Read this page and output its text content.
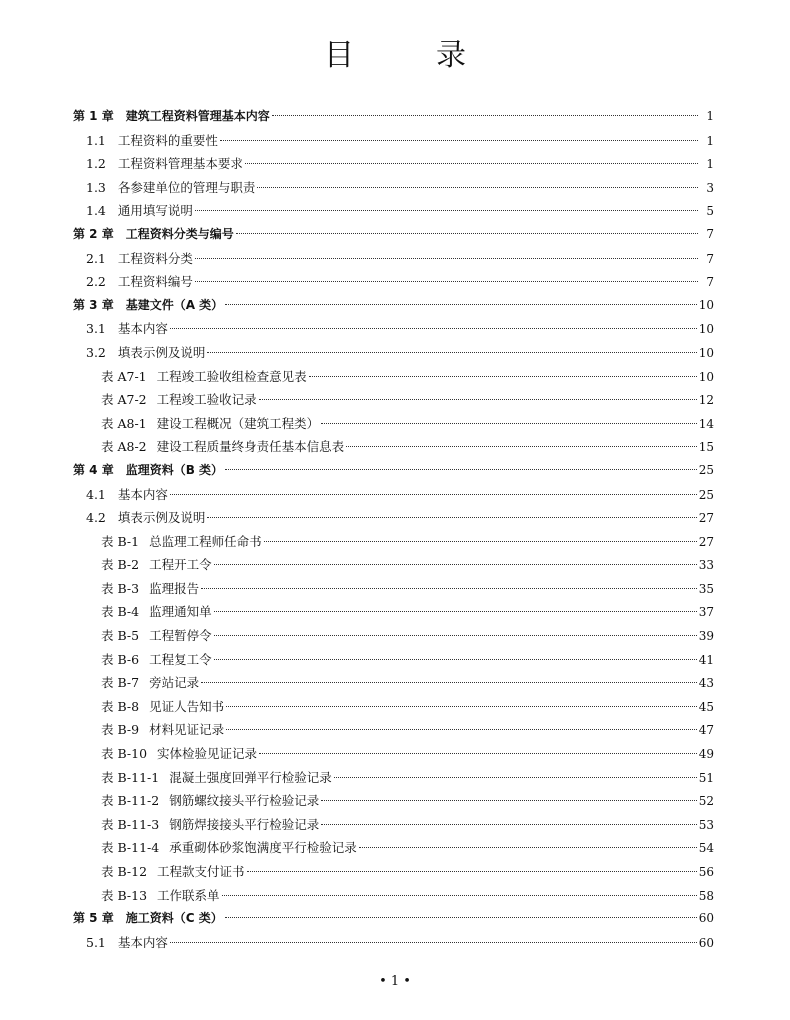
目　录
第 1 章 建筑工程资料管理基本内容	1
1.1 工程资料的重要性	1
1.2 工程资料管理基本要求	1
1.3 各参建单位的管理与职责	3
1.4 通用填写说明	5
第 2 章 工程资料分类与编号	7
2.1 工程资料分类	7
2.2 工程资料编号	7
第 3 章 基建文件（A 类）	10
3.1 基本内容	10
3.2 填表示例及说明	10
表 A7-1 工程竣工验收组检查意见表	10
表 A7-2 工程竣工验收记录	12
表 A8-1 建设工程概况（建筑工程类）	14
表 A8-2 建设工程质量终身责任基本信息表	15
第 4 章 监理资料（B 类）	25
4.1 基本内容	25
4.2 填表示例及说明	27
表 B-1 总监理工程师任命书	27
表 B-2 工程开工令	33
表 B-3 监理报告	35
表 B-4 监理通知单	37
表 B-5 工程暂停令	39
表 B-6 工程复工令	41
表 B-7 旁站记录	43
表 B-8 见证人告知书	45
表 B-9 材料见证记录	47
表 B-10 实体检验见证记录	49
表 B-11-1 混凝土强度回弹平行检验记录	51
表 B-11-2 钢筋螺纹接头平行检验记录	52
表 B-11-3 钢筋焊接接头平行检验记录	53
表 B-11-4 承重砌体砂浆饱满度平行检验记录	54
表 B-12 工程款支付证书	56
表 B-13 工作联系单	58
第 5 章 施工资料（C 类）	60
5.1 基本内容	60
• 1 •
